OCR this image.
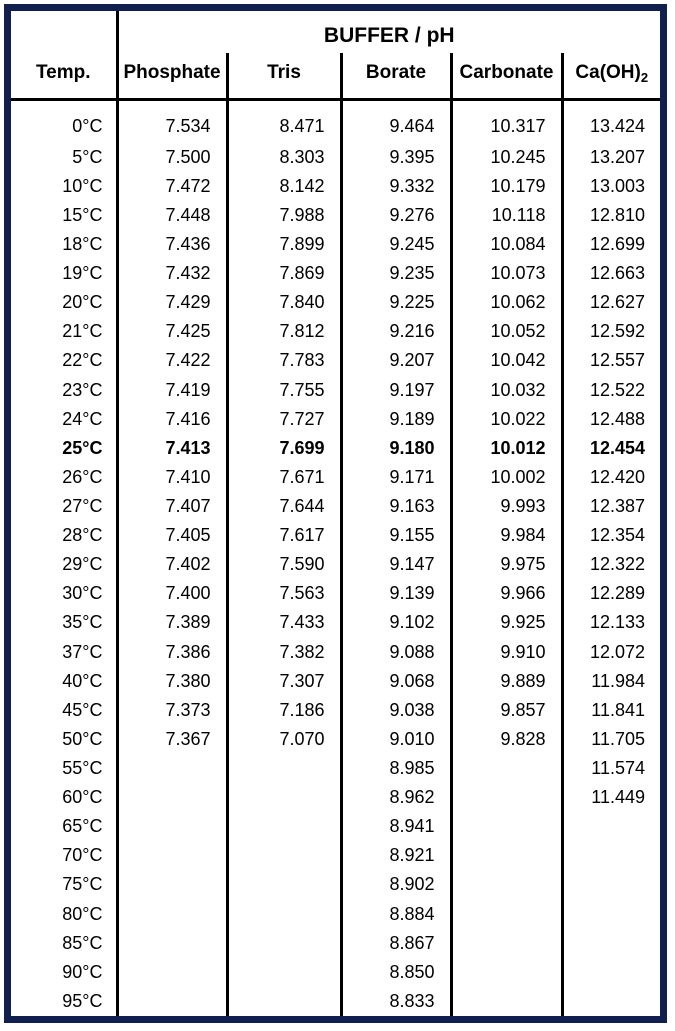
Temp.	BUFFER / pH				
	Phosphate	Tris	Borate	Carbonate	$Ca(OH)_2$
0°C	7.534	8.471	9.464	10.317	13.424
5°C	7.500	8.303	9.395	10.245	13.207
10°C	7.472	8.142	9.332	10.179	13.003
15°C	7.448	7.988	9.276	10.118	12.810
18°C	7.436	7.899	9.245	10.084	12.699
19°C	7.432	7.869	9.235	10.073	12.663
20°C	7.429	7.840	9.225	10.062	12.627
21°C	7.425	7.812	9.216	10.052	12.592
22°C	7.422	7.783	9.207	10.042	12.557
23°C	7.419	7.755	9.197	10.032	12.522
24°C	7.416	7.727	9.189	10.022	12.488
25°C	7.413	7.699	9.180	10.012	12.454
26°C	7.410	7.671	9.171	10.002	12.420
27°C	7.407	7.644	9.163	9.993	12.387
28°C	7.405	7.617	9.155	9.984	12.354
29°C	7.402	7.590	9.147	9.975	12.322
30°C	7.400	7.563	9.139	9.966	12.289
35°C	7.389	7.433	9.102	9.925	12.133
37°C	7.386	7.382	9.088	9.910	12.072
40°C	7.380	7.307	9.068	9.889	11.984
45°C	7.373	7.186	9.038	9.857	11.841
50°C	7.367	7.070	9.010	9.828	11.705
55°C			8.985		11.574
60°C			8.962		11.449
65°C			8.941		
70°C			8.921		
75°C			8.902		
80°C			8.884		
85°C			8.867		
90°C			8.850		
95°C			8.833		
